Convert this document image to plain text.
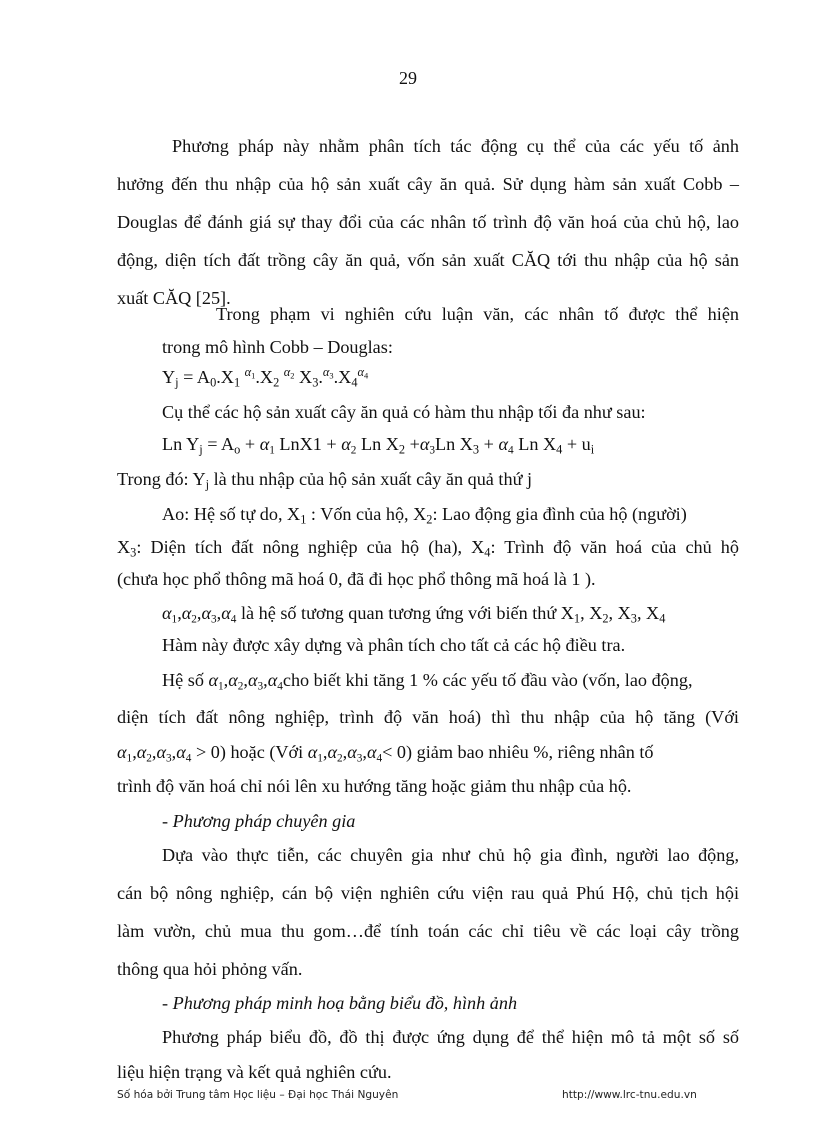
29
Phương pháp này nhằm phân tích tác động cụ thể của các yếu tố ảnh
hưởng đến thu nhập của hộ sản xuất cây ăn quả. Sử dụng hàm sản xuất Cobb –
Douglas để đánh giá sự thay đổi của các nhân tố trình độ văn hoá của chủ hộ, lao
động, diện tích đất trồng cây ăn quả, vốn sản xuất CĂQ tới thu nhập của hộ sản
xuất CĂQ [25].
Trong phạm vi nghiên cứu luận văn, các nhân tố được thể hiện
trong mô hình Cobb – Douglas:
$Y_j = A_0.X_1$ $^{\alpha_1}.X_2$ $^{\alpha_2}$ $X_3.^{\alpha_3}.X_4^{\alpha_4}$
Cụ thể các hộ sản xuất cây ăn quả có hàm thu nhập tối đa như sau:
Ln $Y_j = A_o + \alpha_1$ $LnX1 + \alpha_2$ Ln $X_2 +\alpha_3Ln$ $X_3 + \alpha_4$ Ln $X_4 + u_i$
Trong đó: $Y_j$ là thu nhập của hộ sản xuất cây ăn quả thứ j
Ao: Hệ số tự do, $X_1$ : Vốn của hộ, $X_2$: Lao động gia đình của hộ (người)
$X_3$: Diện tích đất nông nghiệp của hộ (ha), $X_4$: Trình độ văn hoá của chủ hộ
(chưa học phổ thông mã hoá 0, đã đi học phổ thông mã hoá là 1 ).
$\alpha_1,\alpha_2,\alpha_3,\alpha_4$ là hệ số tương quan tương ứng với biến thứ $X_1$, $X_2$, $X_3$, $X_4$
Hàm này được xây dựng và phân tích cho tất cả các hộ điều tra.
Hệ số $\alpha_1,\alpha_2,\alpha_3,\alpha_4cho$ biết khi tăng 1 % các yếu tố đầu vào (vốn, lao động,
diện tích đất nông nghiệp, trình độ văn hoá) thì thu nhập của hộ tăng (Với
$\alpha_1,\alpha_2,\alpha_3,\alpha_4 > 0$) hoặc (Với $\alpha_1,\alpha_2,\alpha_3,\alpha_4< 0$) giảm bao nhiêu %, riêng nhân tố
trình độ văn hoá chỉ nói lên xu hướng tăng hoặc giảm thu nhập của hộ.
- Phương pháp chuyên gia
Dựa vào thực tiễn, các chuyên gia như chủ hộ gia đình, người lao động,
cán bộ nông nghiệp, cán bộ viện nghiên cứu viện rau quả Phú Hộ, chủ tịch hội
làm vườn, chủ mua thu gom…để tính toán các chỉ tiêu về các loại cây trồng
thông qua hỏi phỏng vấn.
- Phương pháp minh hoạ bằng biểu đồ, hình ảnh
Phương pháp biểu đồ, đồ thị được ứng dụng để thể hiện mô tả một số số
liệu hiện trạng và kết quả nghiên cứu.
Số hóa bởi Trung tâm Học liệu – Đại học Thái Nguyên	http://www.lrc-tnu.edu.vn
